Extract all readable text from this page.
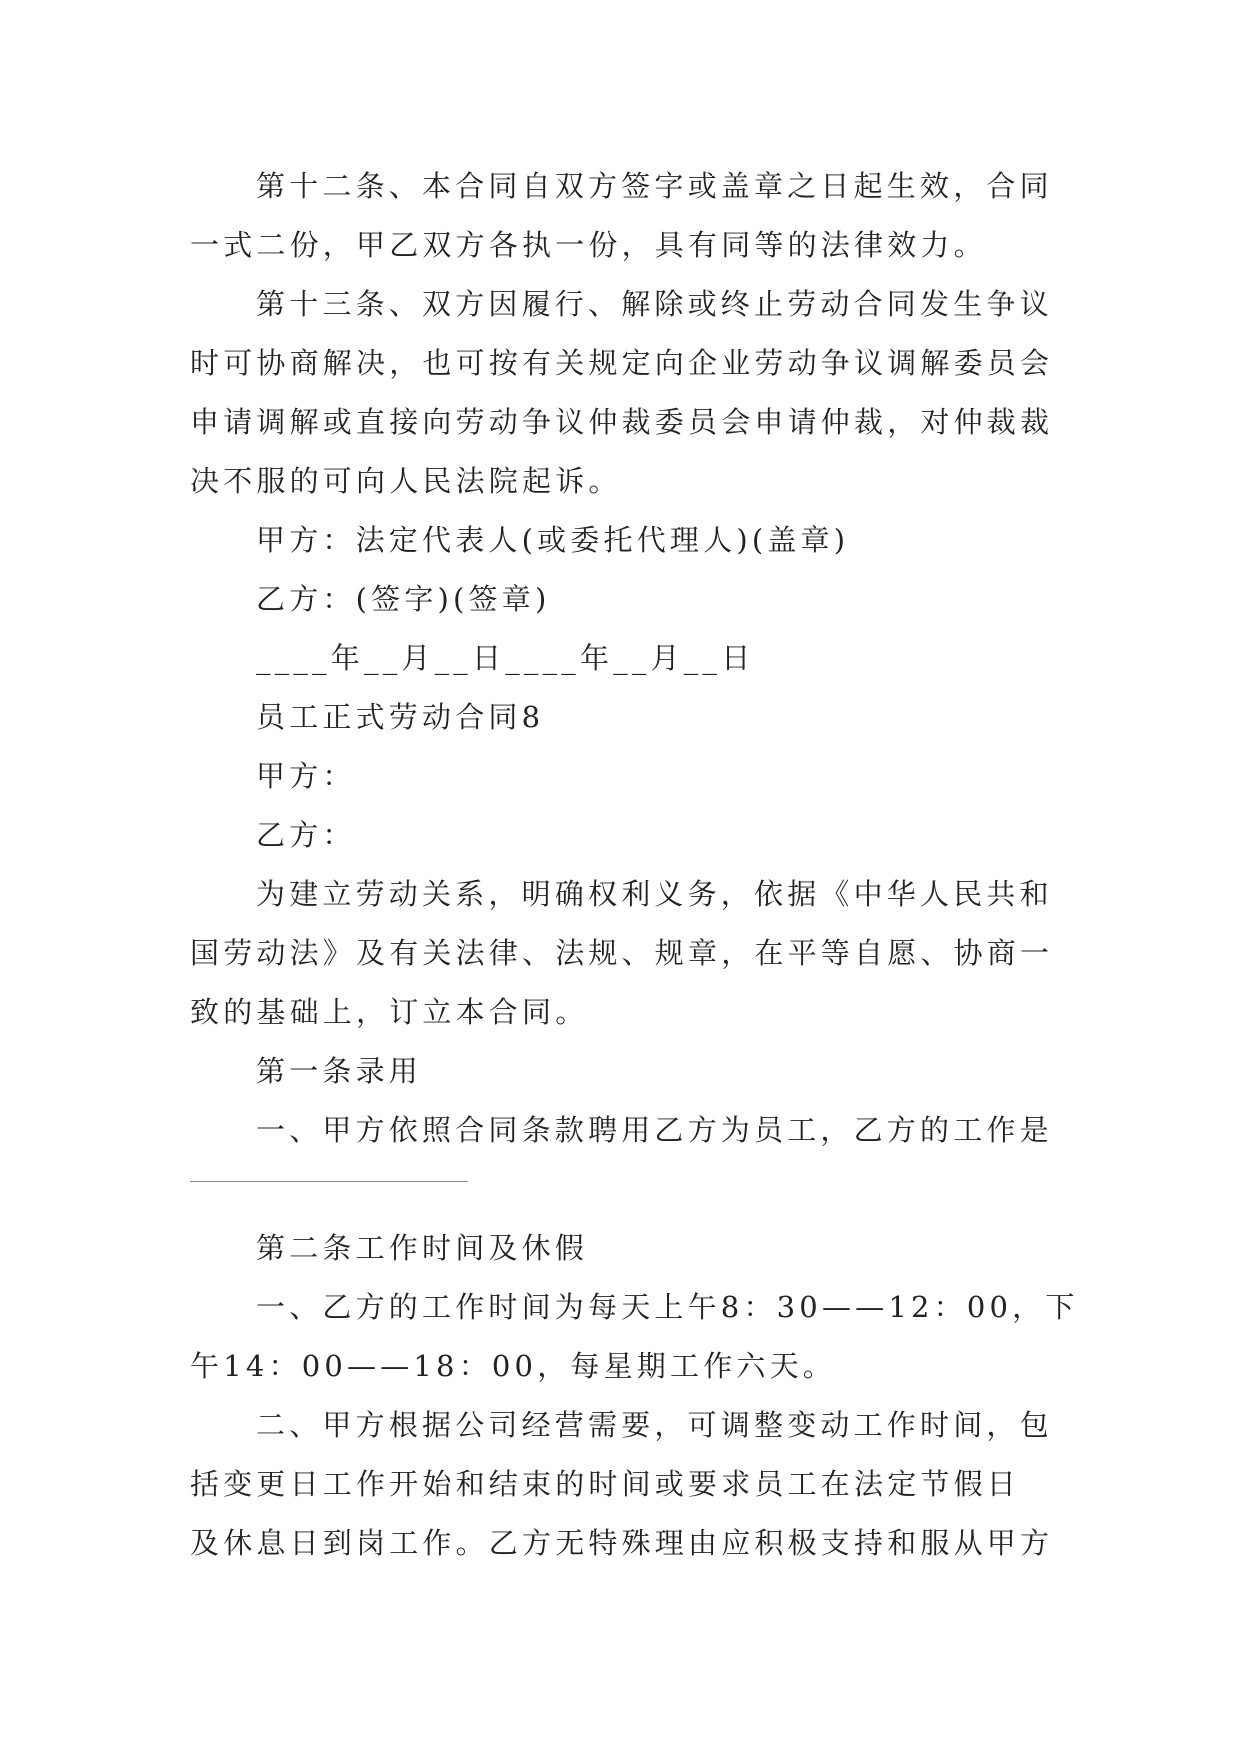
第十二条、本合同自双方签字或盖章之日起生效，合同
一式二份，甲乙双方各执一份，具有同等的法律效力。
第十三条、双方因履行、解除或终止劳动合同发生争议
时可协商解决，也可按有关规定向企业劳动争议调解委员会
申请调解或直接向劳动争议仲裁委员会申请仲裁，对仲裁裁
决不服的可向人民法院起诉。
甲方：法定代表人(或委托代理人)(盖章)
乙方：(签字)(签章)
____年__月__日____年__月__日
员工正式劳动合同8
甲方：
乙方：
为建立劳动关系，明确权利义务，依据《中华人民共和
国劳动法》及有关法律、法规、规章，在平等自愿、协商一
致的基础上，订立本合同。
第一条录用
一、甲方依照合同条款聘用乙方为员工，乙方的工作是
第二条工作时间及休假
一、乙方的工作时间为每天上午8：30——12：00，下
午14：00——18：00，每星期工作六天。
二、甲方根据公司经营需要，可调整变动工作时间，包
括变更日工作开始和结束的时间或要求员工在法定节假日
及休息日到岗工作。乙方无特殊理由应积极支持和服从甲方
